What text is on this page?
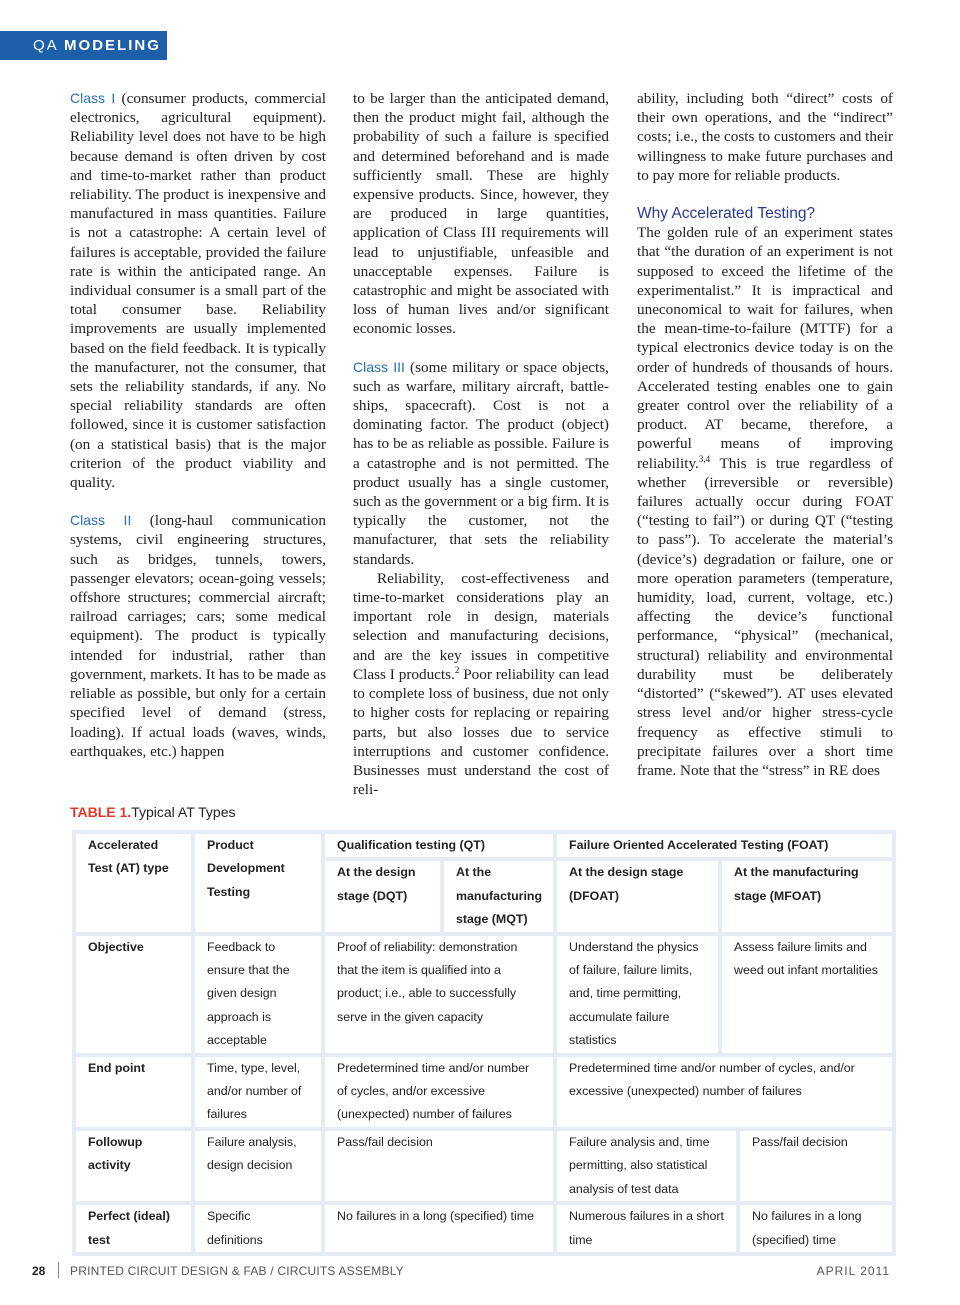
QA MODELING

Class I (consumer products, commercial electronics, agricultural equipment). Reliability level does not have to be high because demand is often driven by cost and time-to-market rather than product reliability. The product is inexpensive and manufactured in mass quantities. Failure is not a catastrophe: A certain level of failures is acceptable, provided the failure rate is within the anticipated range. An individual consumer is a small part of the total consumer base. Reliability improvements are usually implemented based on the field feedback. It is typically the manufacturer, not the consumer, that sets the reliability standards, if any. No special reliability standards are often followed, since it is customer satisfaction (on a statistical basis) that is the major criterion of the product viability and quality.

Class II (long-haul communication systems, civil engineering structures, such as bridges, tunnels, towers, passenger elevators; ocean-going vessels; offshore structures; commercial aircraft; railroad carriages; cars; some medical equipment). The product is typically intended for industrial, rather than government, markets. It has to be made as reliable as possible, but only for a certain specified level of demand (stress, loading). If actual loads (waves, winds, earthquakes, etc.) happen

to be larger than the anticipated demand, then the product might fail, although the probability of such a failure is specified and determined beforehand and is made sufficiently small. These are highly expensive products. Since, however, they are produced in large quantities, application of Class III requirements will lead to unjustifiable, unfeasible and unacceptable expenses. Failure is catastrophic and might be associated with loss of human lives and/or significant economic losses.

Class III (some military or space objects, such as warfare, military aircraft, battle-ships, spacecraft). Cost is not a dominating factor. The product (object) has to be as reliable as possible. Failure is a catastrophe and is not permitted. The product usually has a single customer, such as the government or a big firm. It is typically the customer, not the manufacturer, that sets the reliability standards.

Reliability, cost-effectiveness and time-to-market considerations play an important role in design, materials selection and manufacturing decisions, and are the key issues in competitive Class I products.$^2$ Poor reliability can lead to complete loss of business, due not only to higher costs for replacing or repairing parts, but also losses due to service interruptions and customer confidence. Businesses must understand the cost of reli-

ability, including both “direct” costs of their own operations, and the “indirect” costs; i.e., the costs to customers and their willingness to make future purchases and to pay more for reliable products.

Why Accelerated Testing?

The golden rule of an experiment states that “the duration of an experiment is not supposed to exceed the lifetime of the experimentalist.” It is impractical and uneconomical to wait for failures, when the mean-time-to-failure (MTTF) for a typical electronics device today is on the order of hundreds of thousands of hours. Accelerated testing enables one to gain greater control over the reliability of a product. AT became, therefore, a powerful means of improving reliability.$^{3,4}$ This is true regardless of whether (irreversible or reversible) failures actually occur during FOAT (“testing to fail”) or during QT (“testing to pass”). To accelerate the material’s (device’s) degradation or failure, one or more operation parameters (temperature, humidity, load, current, voltage, etc.) affecting the device’s functional performance, “physical” (mechanical, structural) reliability and environmental durability must be deliberately “distorted” (“skewed”). AT uses elevated stress level and/or higher stress-cycle frequency as effective stimuli to precipitate failures over a short time frame. Note that the “stress” in RE does

TABLE 1.Typical AT Types
Accelerated Test (AT) type	Product Development Testing	Qualification testing (QT)		Failure Oriented Accelerated Testing (FOAT)		
		At the design stage (DQT)	At the manufacturing stage (MQT)	At the design stage (DFOAT)	At the manufacturing stage (MFOAT)	
Objective	Feedback to ensure that the given design approach is acceptable	Proof of reliability: demonstration that the item is qualified into a product; i.e., able to successfully serve in the given capacity		Understand the physics of failure, failure limits, and, time permitting, accumulate failure statistics	Assess failure limits and weed out infant mortalities	
End point	Time, type, level, and/or number of failures	Predetermined time and/or number of cycles, and/or excessive (unexpected) number of failures		Predetermined time and/or number of cycles, and/or excessive (unexpected) number of failures		
Followup activity	Failure analysis, design decision	Pass/fail decision		Failure analysis and, time permitting, also statistical analysis of test data		Pass/fail decision
Perfect (ideal) test	Specific definitions	No failures in a long (specified) time		Numerous failures in a short time		No failures in a long (specified) time
28 PRINTED CIRCUIT DESIGN & FAB / CIRCUITS ASSEMBLY	APRIL 2011
